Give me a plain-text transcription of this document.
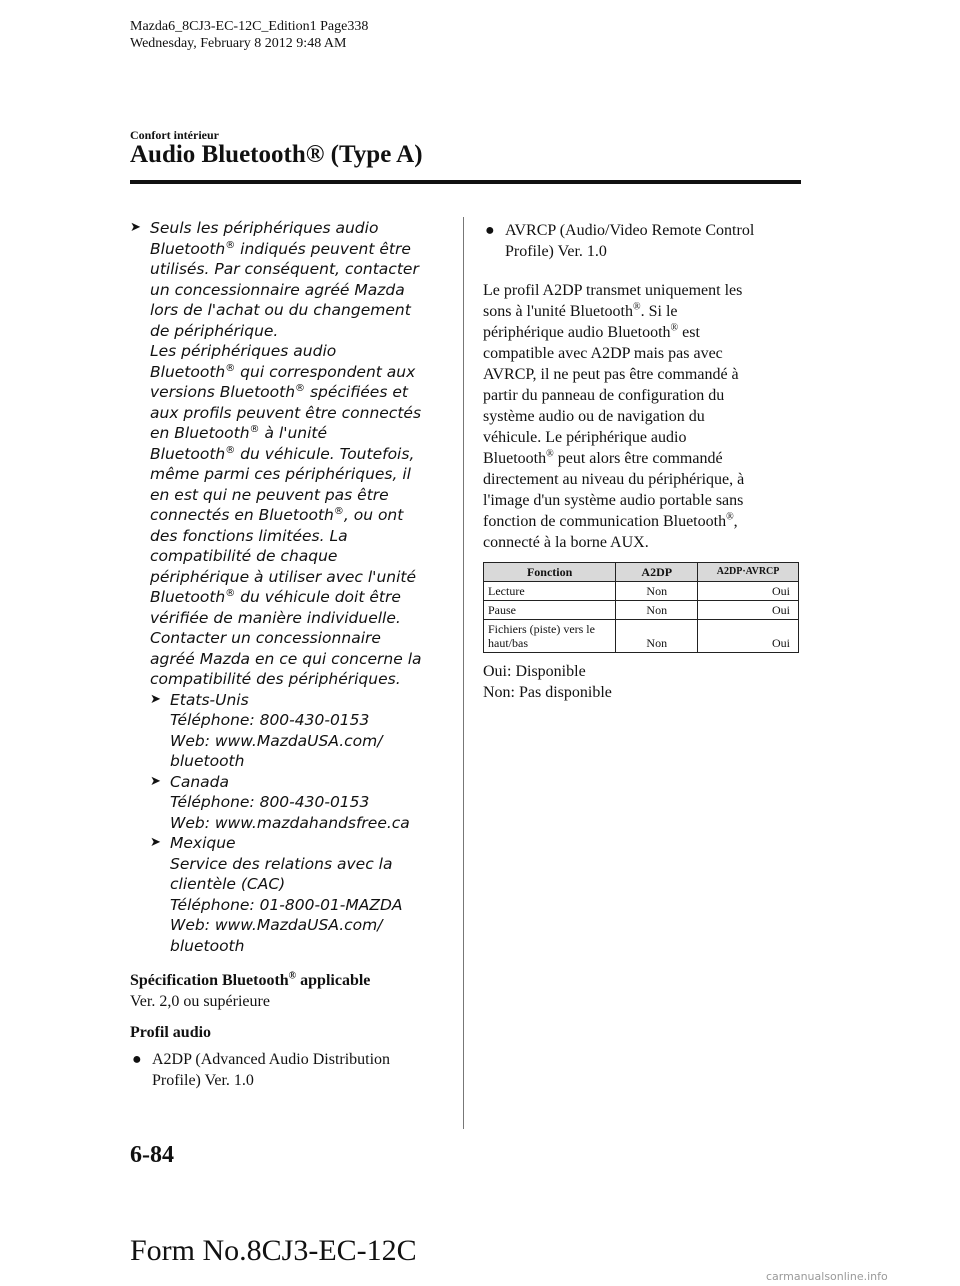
Mazda6_8CJ3-EC-12C_Edition1 Page338
Wednesday, February 8 2012 9:48 AM
Confort intérieur
Audio Bluetooth® (Type A)
➤ Seuls les périphériques audio

Bluetooth® indiqués peuvent être

utilisés. Par conséquent, contacter

un concessionnaire agréé Mazda

lors de l'achat ou du changement

de périphérique.

Les périphériques audio

Bluetooth® qui correspondent aux

versions Bluetooth® spécifiées et

aux profils peuvent être connectés

en Bluetooth® à l'unité

Bluetooth® du véhicule. Toutefois,

même parmi ces périphériques, il

en est qui ne peuvent pas être

connectés en Bluetooth®, ou ont

des fonctions limitées. La

compatibilité de chaque

périphérique à utiliser avec l'unité

Bluetooth® du véhicule doit être

vérifiée de manière individuelle.

Contacter un concessionnaire

agréé Mazda en ce qui concerne la

compatibilité des périphériques.

➤ Etats-Unis

Téléphone: 800-430-0153

Web: www.MazdaUSA.com/

bluetooth

➤ Canada

Téléphone: 800-430-0153

Web: www.mazdahandsfree.ca

➤ Mexique

Service des relations avec la

clientèle (CAC)

Téléphone: 01-800-01-MAZDA

Web: www.MazdaUSA.com/

bluetooth

Spécification Bluetooth® applicable

Ver. 2,0 ou supérieure

Profil audio

● A2DP (Advanced Audio Distribution
Profile) Ver. 1.0
● AVRCP (Audio/Video Remote Control
Profile) Ver. 1.0

Le profil A2DP transmet uniquement les

sons à l'unité Bluetooth®. Si le

périphérique audio Bluetooth® est

compatible avec A2DP mais pas avec

AVRCP, il ne peut pas être commandé à

partir du panneau de configuration du

système audio ou de navigation du

véhicule. Le périphérique audio

Bluetooth® peut alors être commandé

directement au niveau du périphérique, à

l'image d'un système audio portable sans

fonction de communication Bluetooth®,

connecté à la borne AUX.

Fonction	A2DP	A2DP·AVRCP
Lecture	Non	Oui
Pause	Non	Oui
Fichiers (piste) vers le haut/bas	Non	Oui

Oui: Disponible

Non: Pas disponible

6-84
Form No.8CJ3-EC-12C
carmanualsonline.info
